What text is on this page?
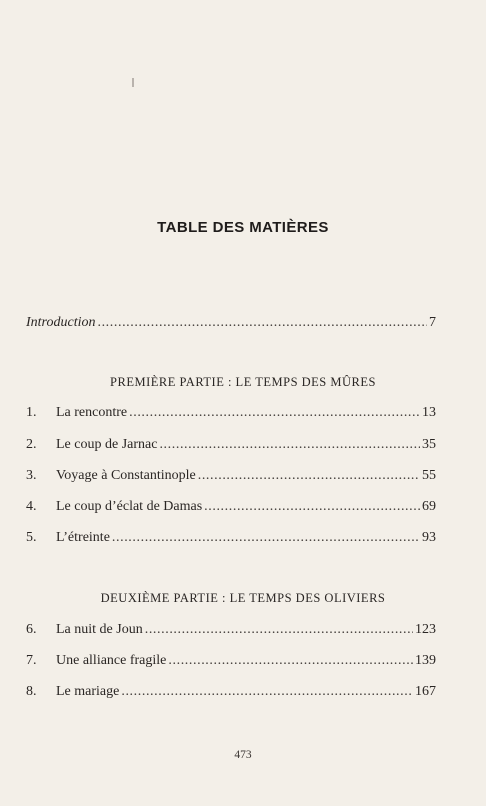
TABLE DES MATIÈRES
Introduction .....	7
PREMIÈRE PARTIE : LE TEMPS DES MÛRES
1.	La rencontre .....	13
2.	Le coup de Jarnac .....	35
3.	Voyage à Constantinople .....	55
4.	Le coup d’éclat de Damas .....	69
5.	L’étreinte .....	93
DEUXIÈME PARTIE : LE TEMPS DES OLIVIERS
6.	La nuit de Joun .....	123
7.	Une alliance fragile .....	139
8.	Le mariage .....	167
473
